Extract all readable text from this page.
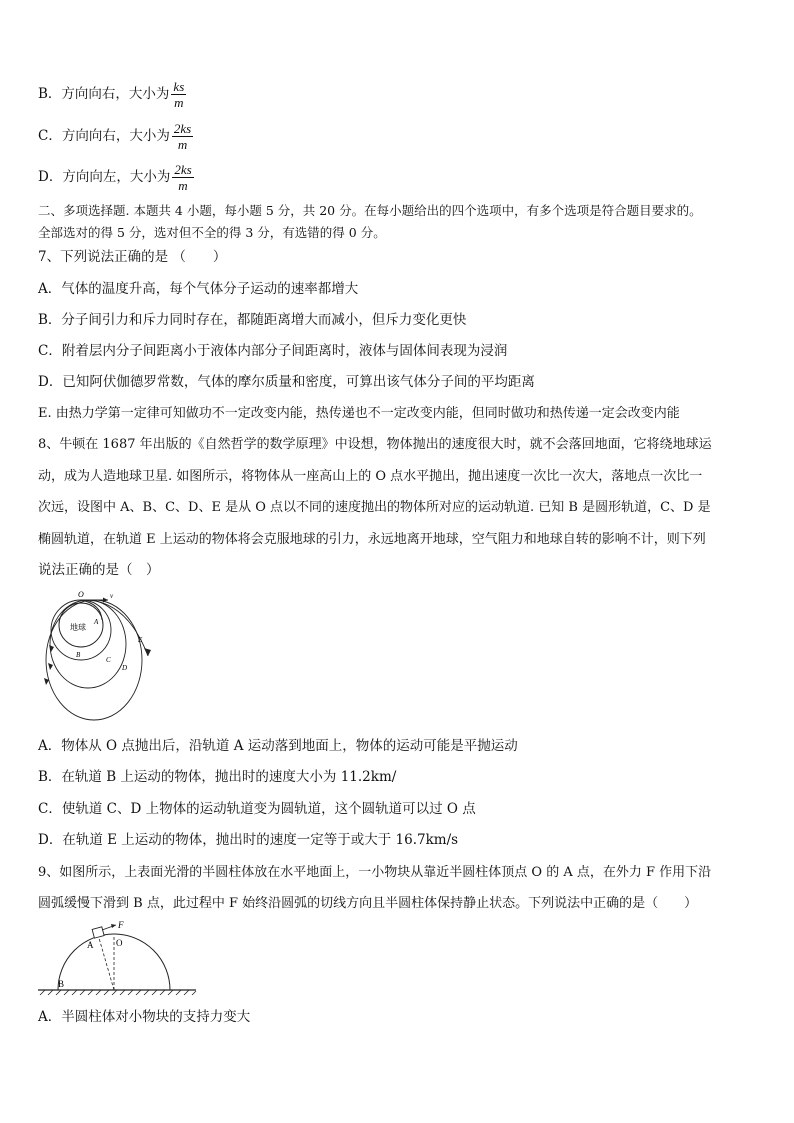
B．方向向右，大小为 $\frac{ks}{m}$
C．方向向右，大小为 $\frac{2ks}{m}$
D．方向向左，大小为 $\frac{2ks}{m}$
二、多项选择题. 本题共 4 小题，每小题 5 分，共 20 分。在每小题给出的四个选项中，有多个选项是符合题目要求的。
全部选对的得 5 分，选对但不全的得 3 分，有选错的得 0 分。
7、下列说法正确的是 （　　）
A．气体的温度升高，每个气体分子运动的速率都增大
B．分子间引力和斥力同时存在，都随距离增大而减小，但斥力变化更快
C．附着层内分子间距离小于液体内部分子间距离时，液体与固体间表现为浸润
D．已知阿伏伽德罗常数，气体的摩尔质量和密度，可算出该气体分子间的平均距离
E. 由热力学第一定律可知做功不一定改变内能，热传递也不一定改变内能，但同时做功和热传递一定会改变内能
8、牛顿在 1687 年出版的《自然哲学的数学原理》中设想，物体抛出的速度很大时，就不会落回地面，它将绕地球运
动，成为人造地球卫星. 如图所示，将物体从一座高山上的 O 点水平抛出，抛出速度一次比一次大，落地点一次比一
次远，设图中 A、B、C、D、E 是从 O 点以不同的速度抛出的物体所对应的运动轨道. 已知 B 是圆形轨道，C、D 是
椭圆轨道，在轨道 E 上运动的物体将会克服地球的引力，永远地离开地球，空气阻力和地球自转的影响不计，则下列
说法正确的是（　）
O	v
地球
A
B
C
D
E
A．物体从 O 点抛出后，沿轨道 A 运动落到地面上，物体的运动可能是平抛运动
B．在轨道 B 上运动的物体，抛出时的速度大小为 11.2km/
C．使轨道 C、D 上物体的运动轨道变为圆轨道，这个圆轨道可以过 O 点
D．在轨道 E 上运动的物体，抛出时的速度一定等于或大于 16.7km/s
9、如图所示，上表面光滑的半圆柱体放在水平地面上，一小物块从靠近半圆柱体顶点 O 的 A 点，在外力 F 作用下沿
圆弧缓慢下滑到 B 点，此过程中 F 始终沿圆弧的切线方向且半圆柱体保持静止状态。下列说法中正确的是（　　）
F
A	O
B
A．半圆柱体对小物块的支持力变大
